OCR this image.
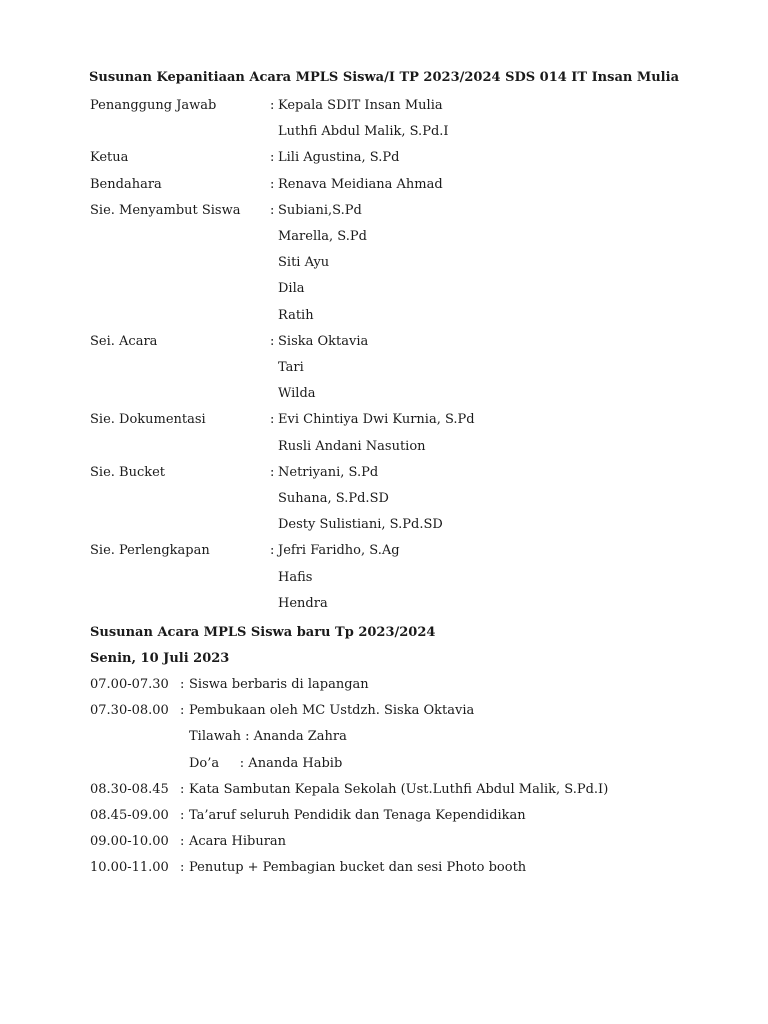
Susunan Kepanitiaan Acara MPLS Siswa/I TP 2023/2024 SDS 014 IT Insan Mulia
Penanggung Jawab	: Kepala SDIT Insan Mulia
Luthfi Abdul Malik, S.Pd.I
Ketua	: Lili Agustina, S.Pd
Bendahara	: Renava Meidiana Ahmad
Sie. Menyambut Siswa : Subiani,S.Pd
Marella, S.Pd
Siti Ayu
Dila
Ratih
Sei. Acara	: Siska Oktavia
Tari
Wilda
Sie. Dokumentasi	: Evi Chintiya Dwi Kurnia, S.Pd
Rusli Andani Nasution
Sie. Bucket	: Netriyani, S.Pd
Suhana, S.Pd.SD
Desty Sulistiani, S.Pd.SD
Sie. Perlengkapan	: Jefri Faridho, S.Ag
Hafis
Hendra
Susunan Acara MPLS Siswa baru Tp 2023/2024
Senin, 10 Juli 2023
07.00-07.30 : Siswa berbaris di lapangan
07.30-08.00 : Pembukaan oleh MC Ustdzh. Siska Oktavia
Tilawah : Ananda Zahra
Do’a     : Ananda Habib
08.30-08.45 : Kata Sambutan Kepala Sekolah (Ust.Luthfi Abdul Malik, S.Pd.I)
08.45-09.00 : Ta’aruf seluruh Pendidik dan Tenaga Kependidikan
09.00-10.00 : Acara Hiburan
10.00-11.00 : Penutup + Pembagian bucket dan sesi Photo booth
